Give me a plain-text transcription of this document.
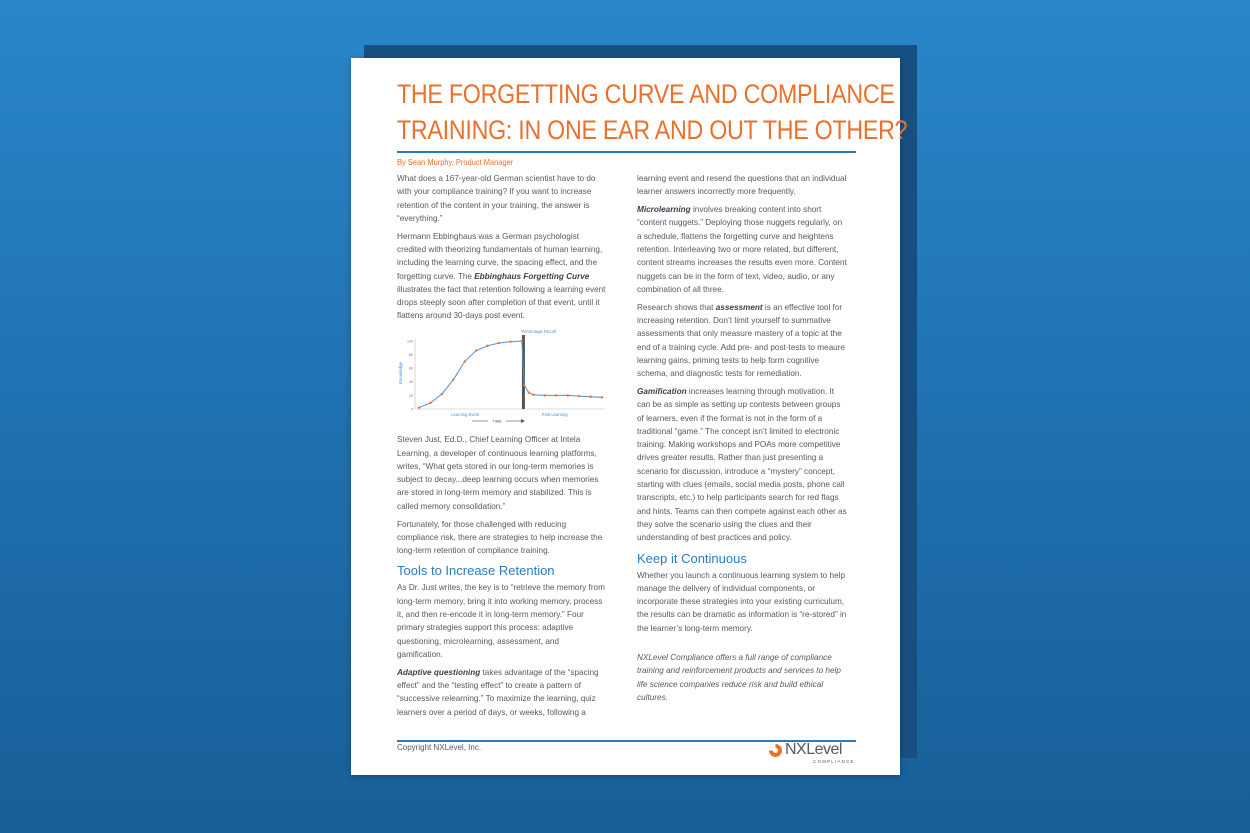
THE FORGETTING CURVE AND COMPLIANCE
TRAINING: IN ONE EAR AND OUT THE OTHER?
By Sean Murphy, Product Manager

What does a 167-year-old German scientist have to do with your compliance training? If you want to increase retention of the content in your training, the answer is “everything.”

Hermann Ebbinghaus was a German psychologist credited with theorizing fundamentals of human learning, including the learning curve, the spacing effect, and the forgetting curve. The Ebbinghaus Forgetting Curve illustrates the fact that retention following a learning event drops steeply soon after completion of that event, until it flattens around 30-days post event.

0
20
40
60
80
100
Knowledge
Percentage Recall
Learning Event	Post Learning
TIME

Steven Just, Ed.D., Chief Learning Officer at Intela Learning, a developer of continuous learning platforms, writes, “What gets stored in our long-term memories is subject to decay...deep learning occurs when memories are stored in long-term memory and stabilized. This is called memory consolidation.”

Fortunately, for those challenged with reducing compliance risk, there are strategies to help increase the long-term retention of compliance training.

Tools to Increase Retention

As Dr. Just writes, the key is to “retrieve the memory from long-term memory, bring it into working memory, process it, and then re-encode it in long-term memory.” Four primary strategies support this process: adaptive questioning, microlearning, assessment, and gamification.

Adaptive questioning takes advantage of the “spacing effect” and the “testing effect” to create a pattern of “successive relearning.” To maximize the learning, quiz learners over a period of days, or weeks, following a

learning event and resend the questions that an individual learner answers incorrectly more frequently.

Microlearning involves breaking content into short “content nuggets.” Deploying those nuggets regularly, on a schedule, flattens the forgetting curve and heightens retention. Interleaving two or more related, but different, content streams increases the results even more. Content nuggets can be in the form of text, video, audio, or any combination of all three.

Research shows that assessment is an effective tool for increasing retention. Don’t limit yourself to summative assessments that only measure mastery of a topic at the end of a training cycle. Add pre- and post-tests to meaure learning gains, priming tests to help form cognitive schema, and diagnostic tests for remediation.

Gamification increases learning through motivation. It can be as simple as setting up contests between groups of learners, even if the format is not in the form of a traditional “game.” The concept isn’t limited to electronic training. Making workshops and POAs more competitive drives greater results. Rather than just presenting a scenario for discussion, introduce a “mystery” concept, starting with clues (emails, social media posts, phone call transcripts, etc.) to help participants search for red flags and hints. Teams can then compete against each other as they solve the scenario using the clues and their understanding of best practices and policy.

Keep it Continuous

Whether you launch a continuous learning system to help manage the delivery of individual components, or incorporate these strategies into your existing curriculum, the results can be dramatic as information is “re-stored” in the learner’s long-term memory.

NXLevel Compliance offers a full range of compliance training and reinforcement products and services to help life science companies reduce risk and build ethical cultures.

Copyright NXLevel, Inc.	NXLevel
COMPLIANCE
